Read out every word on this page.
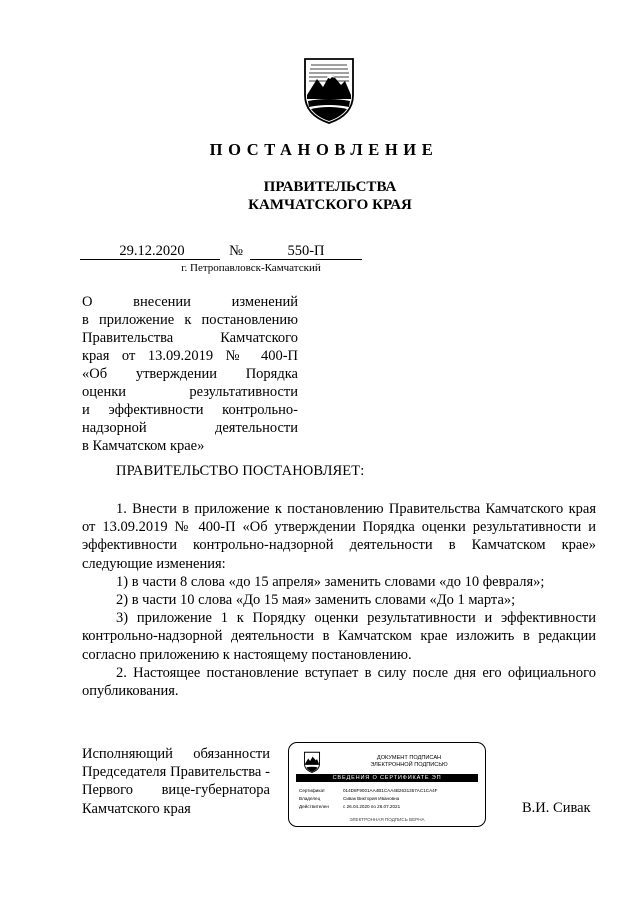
ПОСТАНОВЛЕНИЕ
ПРАВИТЕЛЬСТВА
КАМЧАТСКОГО КРАЯ
29.12.2020	№	550-П
г. Петропавловск-Камчатский
О внесении изменений
в приложение к постановлению
Правительства Камчатского
края от 13.09.2019 № 400-П
«Об утверждении Порядка
оценки результативности
и эффективности контрольно-
надзорной деятельности
в Камчатском крае»
ПРАВИТЕЛЬСТВО ПОСТАНОВЛЯЕТ:

1. Внести в приложение к постановлению Правительства Камчатского края от 13.09.2019 № 400-П «Об утверждении Порядка оценки результативности и эффективности контрольно-надзорной деятельности в Камчатском крае» следующие изменения:

1) в части 8 слова «до 15 апреля» заменить словами «до 10 февраля»;

2) в части 10 слова «До 15 мая» заменить словами «До 1 марта»;

3) приложение 1 к Порядку оценки результативности и эффективности контрольно-надзорной деятельности в Камчатском крае изложить в редакции согласно приложению к настоящему постановлению.

2. Настоящее постановление вступает в силу после дня его официального опубликования.

Исполняющий обязанности
Председателя Правительства -
Первого вице-губернатора
Камчатского края
ДОКУМЕНТ ПОДПИСАН
ЭЛЕКТРОННОЙ ПОДПИСЬЮ
СВЕДЕНИЯ О СЕРТИФИКАТЕ ЭП
Сертификат	014D8F9001AA4B1CAA4B2631357AC1CA4F
Владелец	Сивак Виктория Ивановна
Действителен	с 26.04.2020 по 26.07.2021
ЭЛЕКТРОННАЯ ПОДПИСЬ ВЕРНА
В.И. Сивак
